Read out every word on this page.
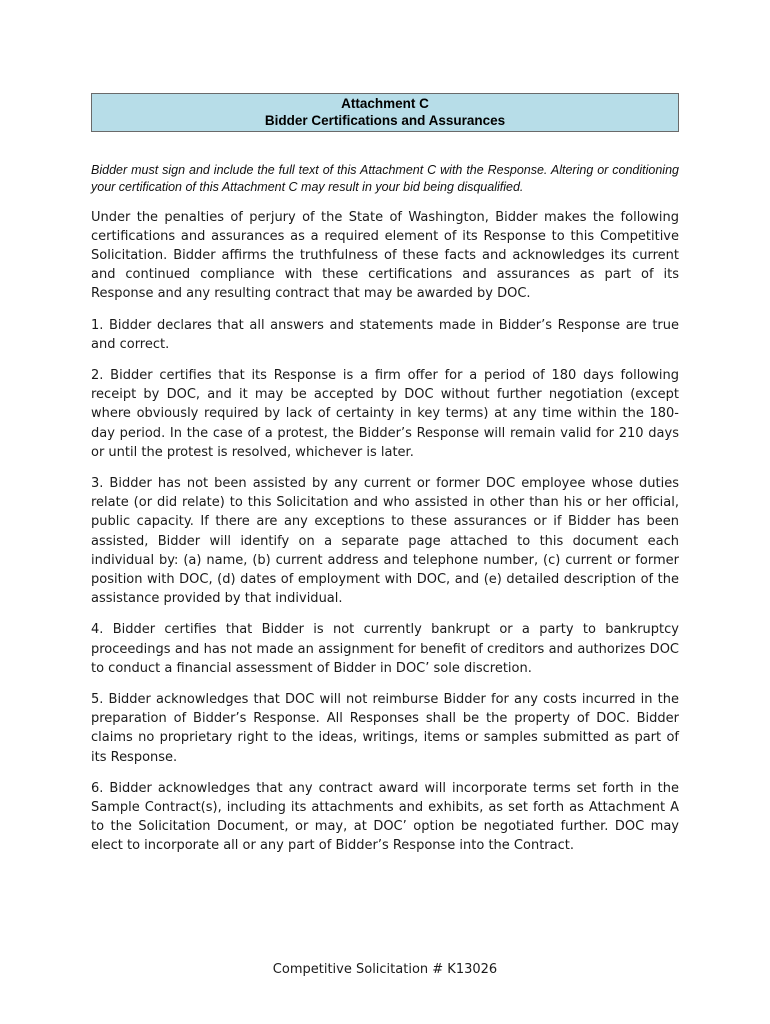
Attachment C
Bidder Certifications and Assurances

Bidder must sign and include the full text of this Attachment C with the Response. Altering or conditioning your certification of this Attachment C may result in your bid being disqualified.

Under the penalties of perjury of the State of Washington, Bidder makes the following certifications and assurances as a required element of its Response to this Competitive Solicitation. Bidder affirms the truthfulness of these facts and acknowledges its current and continued compliance with these certifications and assurances as part of its Response and any resulting contract that may be awarded by DOC.

1. Bidder declares that all answers and statements made in Bidder’s Response are true and correct.

2. Bidder certifies that its Response is a firm offer for a period of 180 days following receipt by DOC, and it may be accepted by DOC without further negotiation (except where obviously required by lack of certainty in key terms) at any time within the 180-day period. In the case of a protest, the Bidder’s Response will remain valid for 210 days or until the protest is resolved, whichever is later.

3. Bidder has not been assisted by any current or former DOC employee whose duties relate (or did relate) to this Solicitation and who assisted in other than his or her official, public capacity. If there are any exceptions to these assurances or if Bidder has been assisted, Bidder will identify on a separate page attached to this document each individual by: (a) name, (b) current address and telephone number, (c) current or former position with DOC, (d) dates of employment with DOC, and (e) detailed description of the assistance provided by that individual.

4. Bidder certifies that Bidder is not currently bankrupt or a party to bankruptcy proceedings and has not made an assignment for benefit of creditors and authorizes DOC to conduct a financial assessment of Bidder in DOC’ sole discretion.

5. Bidder acknowledges that DOC will not reimburse Bidder for any costs incurred in the preparation of Bidder’s Response. All Responses shall be the property of DOC. Bidder claims no proprietary right to the ideas, writings, items or samples submitted as part of its Response.

6. Bidder acknowledges that any contract award will incorporate terms set forth in the Sample Contract(s), including its attachments and exhibits, as set forth as Attachment A to the Solicitation Document, or may, at DOC’ option be negotiated further. DOC may elect to incorporate all or any part of Bidder’s Response into the Contract.

Competitive Solicitation # K13026
